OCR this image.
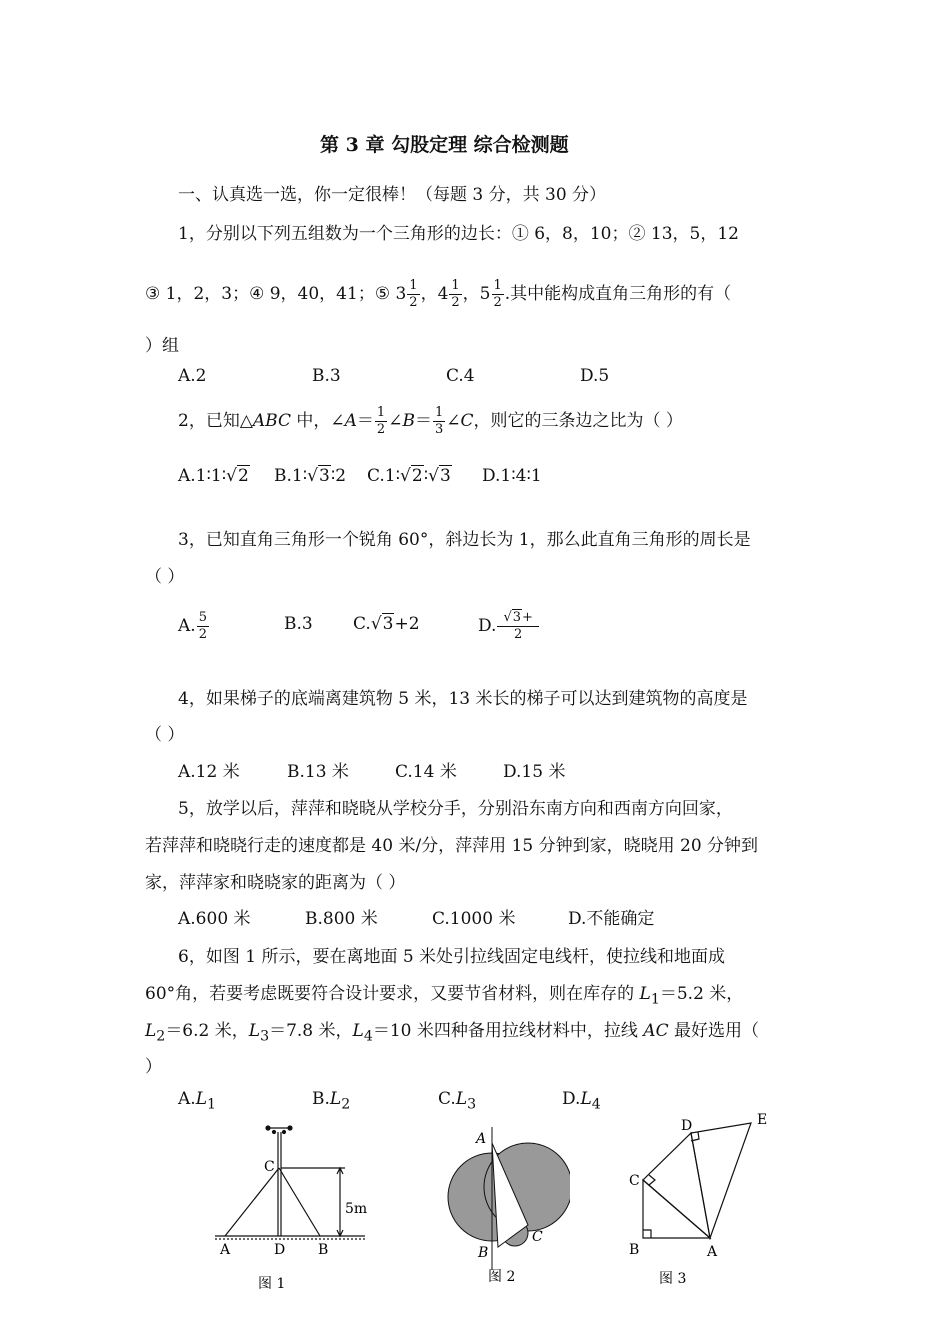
第 3 章 勾股定理 综合检测题
一、认真选一选，你一定很棒！（每题 3 分，共 30 分）
1，分别以下列五组数为一个三角形的边长：① 6，8，10；② 13，5，12
③ 1，2，3；④ 9，40，41；⑤ $3 \frac{1}{2}$ ，$4 \frac{1}{2}$ ，$5 \frac{1}{2}$ .其中能构成直角三角形的有（
）组
A.2	B.3	C.4	D.5
2，已知△ABC 中，∠A＝ $\frac{1}{2}$ ∠B＝ $\frac{1}{3}$ ∠C，则它的三条边之比为（ ）
A.1∶1∶√2 B.1∶√3∶2 C.1∶√2∶√3 D.1∶4∶1
3，已知直角三角形一个锐角 60°，斜边长为 1，那么此直角三角形的周长是
（ ）
A. $\frac{5}{2}$	B.3 C.√3+2	D. $\frac{√3+}{2}$
4，如果梯子的底端离建筑物 5 米，13 米长的梯子可以达到建筑物的高度是
（ ）
A.12 米	B.13 米	C.14 米	D.15 米
5，放学以后，萍萍和晓晓从学校分手，分别沿东南方向和西南方向回家，
若萍萍和晓晓行走的速度都是 40 米/分，萍萍用 15 分钟到家，晓晓用 20 分钟到
家，萍萍家和晓晓家的距离为（ ）
A.600 米	B.800 米	C.1000 米	D.不能确定
6，如图 1 所示，要在离地面 5 米处引拉线固定电线杆，使拉线和地面成
60°角，若要考虑既要符合设计要求，又要节省材料，则在库存的 $L_1=5.2$ 米，
$L_2=6.2$ 米，$L_3=7.8$ 米，$L_4=10$ 米四种备用拉线材料中，拉线 AC 最好选用（
）
$A.L_1$	$B.L_2$	$C.L_3$	$D.L_4$
C
A	D B
5m
图 1
A
B
C
图 2
C
B	A
D	E
图 3
